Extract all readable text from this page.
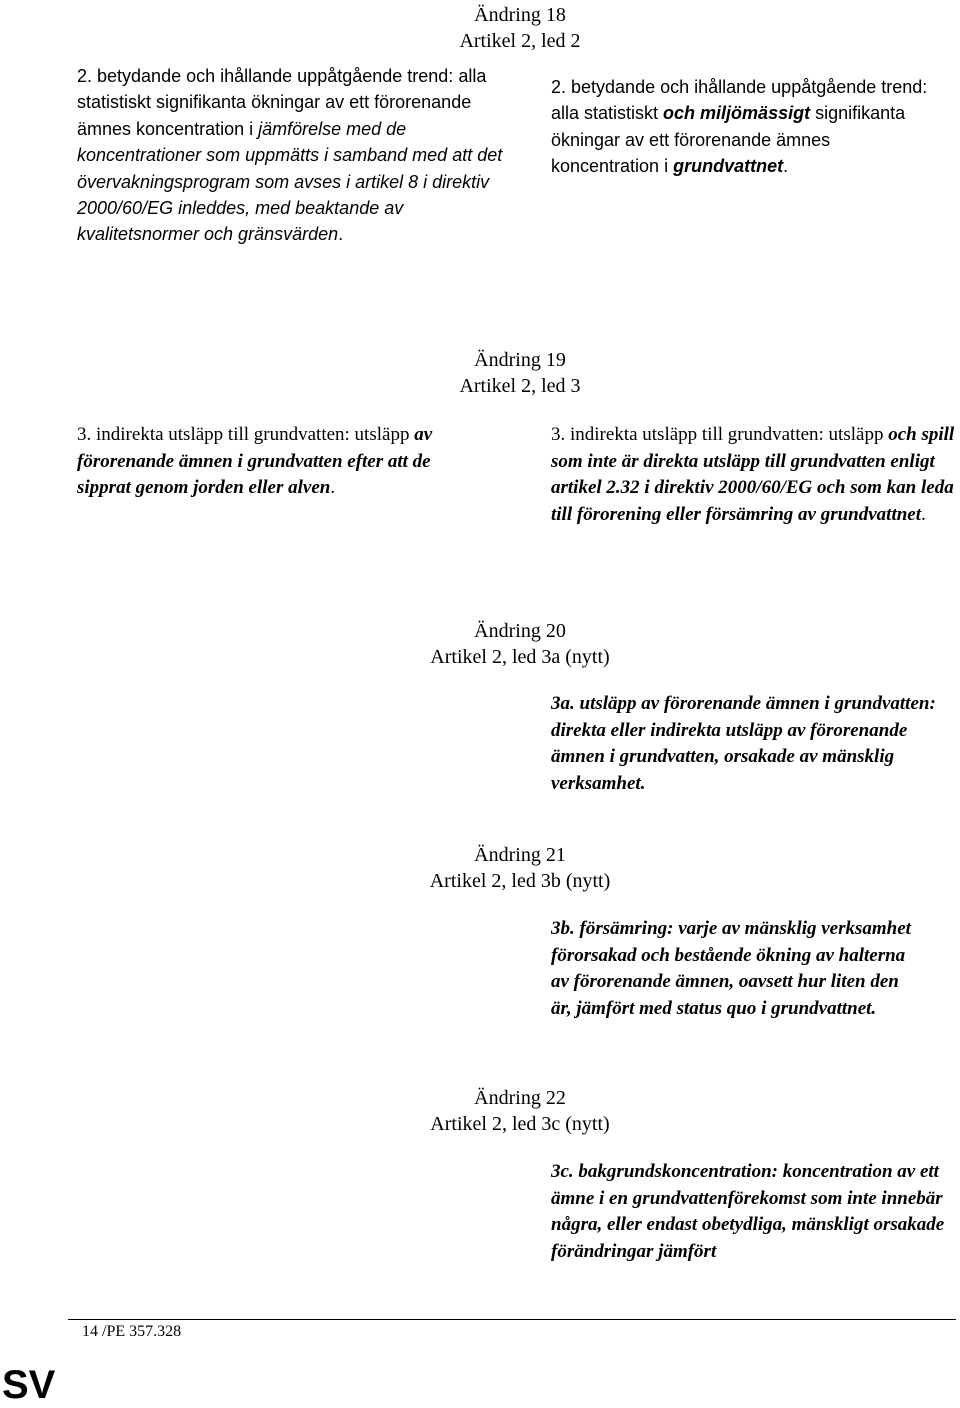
Ändring 18
Artikel 2, led 2
2. betydande och ihållande uppåtgående trend: alla statistiskt signifikanta ökningar av ett förorenande ämnes koncentration i jämförelse med de koncentrationer som uppmätts i samband med att det övervakningsprogram som avses i artikel 8 i direktiv 2000/60/EG inleddes, med beaktande av kvalitetsnormer och gränsvärden.
2. betydande och ihållande uppåtgående trend: alla statistiskt och miljömässigt signifikanta ökningar av ett förorenande ämnes koncentration i grundvattnet.
Ändring 19
Artikel 2, led 3
3. indirekta utsläpp till grundvatten: utsläpp av förorenande ämnen i grundvatten efter att de sipprat genom jorden eller alven.
3. indirekta utsläpp till grundvatten: utsläpp och spill som inte är direkta utsläpp till grundvatten enligt artikel 2.32 i direktiv 2000/60/EG och som kan leda till förorening eller försämring av grundvattnet.
Ändring 20
Artikel 2, led 3a (nytt)
3a. utsläpp av förorenande ämnen i grundvatten: direkta eller indirekta utsläpp av förorenande ämnen i grundvatten, orsakade av mänsklig verksamhet.
Ändring 21
Artikel 2, led 3b (nytt)
3b. försämring: varje av mänsklig verksamhet förorsakad och bestående ökning av halterna av förorenande ämnen, oavsett hur liten den är, jämfört med status quo i grundvattnet.
Ändring 22
Artikel 2, led 3c (nytt)
3c. bakgrundskoncentration: koncentration av ett ämne i en grundvattenförekomst som inte innebär några, eller endast obetydliga, mänskligt orsakade förändringar jämfört
14 /PE 357.328
SV
